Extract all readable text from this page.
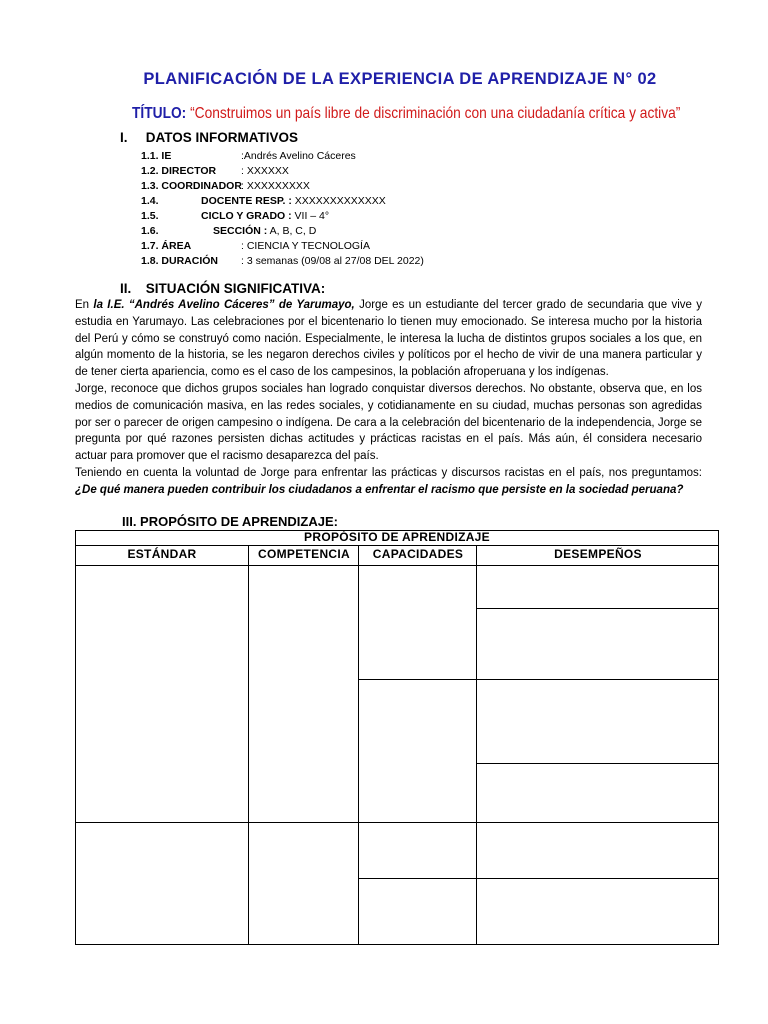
PLANIFICACIÓN DE LA EXPERIENCIA DE APRENDIZAJE N° 02
TÍTULO: “Construimos un país libre de discriminación con una ciudadanía crítica y activa”
I. DATOS INFORMATIVOS
1.1. IE	:Andrés Avelino Cáceres
1.2. DIRECTOR : XXXXXX
1.3. COORDINADOR : XXXXXXXXX
1.4.	DOCENTE RESP. : XXXXXXXXXXXXX
1.5.	CICLO Y GRADO : VII – 4°
1.6.	SECCIÓN : A, B, C, D
1.7. ÁREA	: CIENCIA Y TECNOLOGÍA
1.8. DURACIÓN : 3 semanas (09/08 al 27/08 DEL 2022)
II. SITUACIÓN SIGNIFICATIVA:

En la I.E. “Andrés Avelino Cáceres” de Yarumayo, Jorge es un estudiante del tercer grado de secundaria que vive y estudia en Yarumayo. Las celebraciones por el bicentenario lo tienen muy emocionado. Se interesa mucho por la historia del Perú y cómo se construyó como nación. Especialmente, le interesa la lucha de distintos grupos sociales a los que, en algún momento de la historia, se les negaron derechos civiles y políticos por el hecho de vivir de una manera particular y de tener cierta apariencia, como es el caso de los campesinos, la población afroperuana y los indígenas.

Jorge, reconoce que dichos grupos sociales han logrado conquistar diversos derechos. No obstante, observa que, en los medios de comunicación masiva, en las redes sociales, y cotidianamente en su ciudad, muchas personas son agredidas por ser o parecer de origen campesino o indígena. De cara a la celebración del bicentenario de la independencia, Jorge se pregunta por qué razones persisten dichas actitudes y prácticas racistas en el país. Más aún, él considera necesario actuar para promover que el racismo desaparezca del país.

Teniendo en cuenta la voluntad de Jorge para enfrentar las prácticas y discursos racistas en el país, nos preguntamos: ¿De qué manera pueden contribuir los ciudadanos a enfrentar el racismo que persiste en la sociedad peruana?

III. PROPÓSITO DE APRENDIZAJE:
PROPÓSITO DE APRENDIZAJE
ESTÁNDAR	COMPETENCIA	CAPACIDADES	DESEMPEÑOS
